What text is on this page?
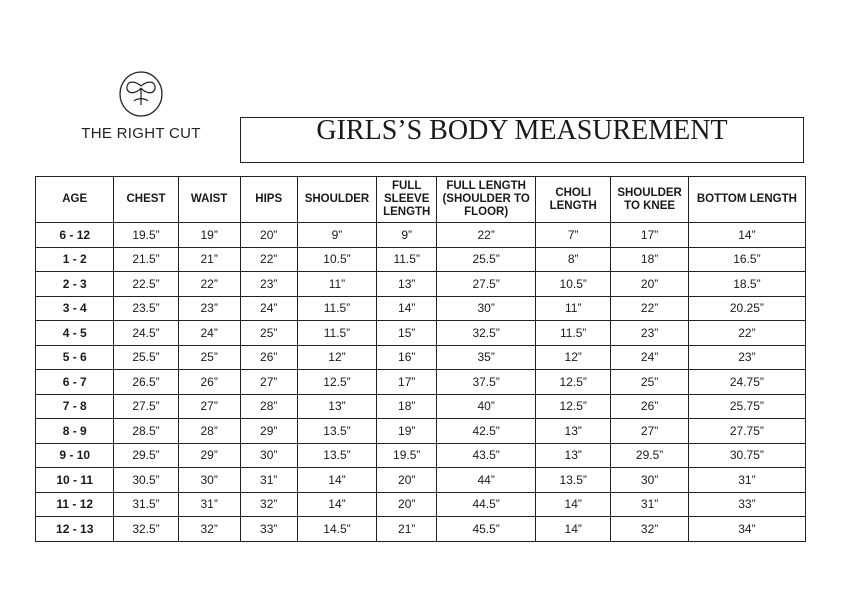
THE RIGHT CUT	GIRLS’S BODY MEASUREMENT
AGE	CHEST	WAIST	HIPS	SHOULDER	FULL SLEEVE LENGTH	FULL LENGTH (SHOULDER TO FLOOR)	CHOLI LENGTH	SHOULDER TO KNEE	BOTTOM LENGTH
6 - 12	19.5”	19”	20”	9”	9”	22”	7”	17”	14”
1 - 2	21.5”	21”	22”	10.5”	11.5”	25.5”	8”	18”	16.5”
2 - 3	22.5”	22”	23”	11”	13”	27.5”	10.5”	20”	18.5”
3 - 4	23.5”	23”	24”	11.5”	14”	30”	11”	22”	20.25”
4 - 5	24.5”	24”	25”	11.5”	15”	32.5”	11.5”	23”	22”
5 - 6	25.5”	25”	26”	12”	16”	35”	12”	24”	23”
6 - 7	26.5”	26”	27”	12.5”	17”	37.5”	12.5”	25”	24.75”
7 - 8	27.5”	27”	28”	13”	18”	40”	12.5”	26”	25.75”
8 - 9	28.5”	28”	29”	13.5”	19”	42.5”	13”	27”	27.75”
9 - 10	29.5”	29”	30”	13.5”	19.5”	43.5”	13”	29.5”	30.75”
10 - 11	30.5”	30”	31”	14”	20”	44”	13.5”	30”	31”
11 - 12	31.5”	31”	32”	14”	20”	44.5”	14”	31”	33”
12 - 13	32.5”	32”	33”	14.5”	21”	45.5”	14”	32”	34”
